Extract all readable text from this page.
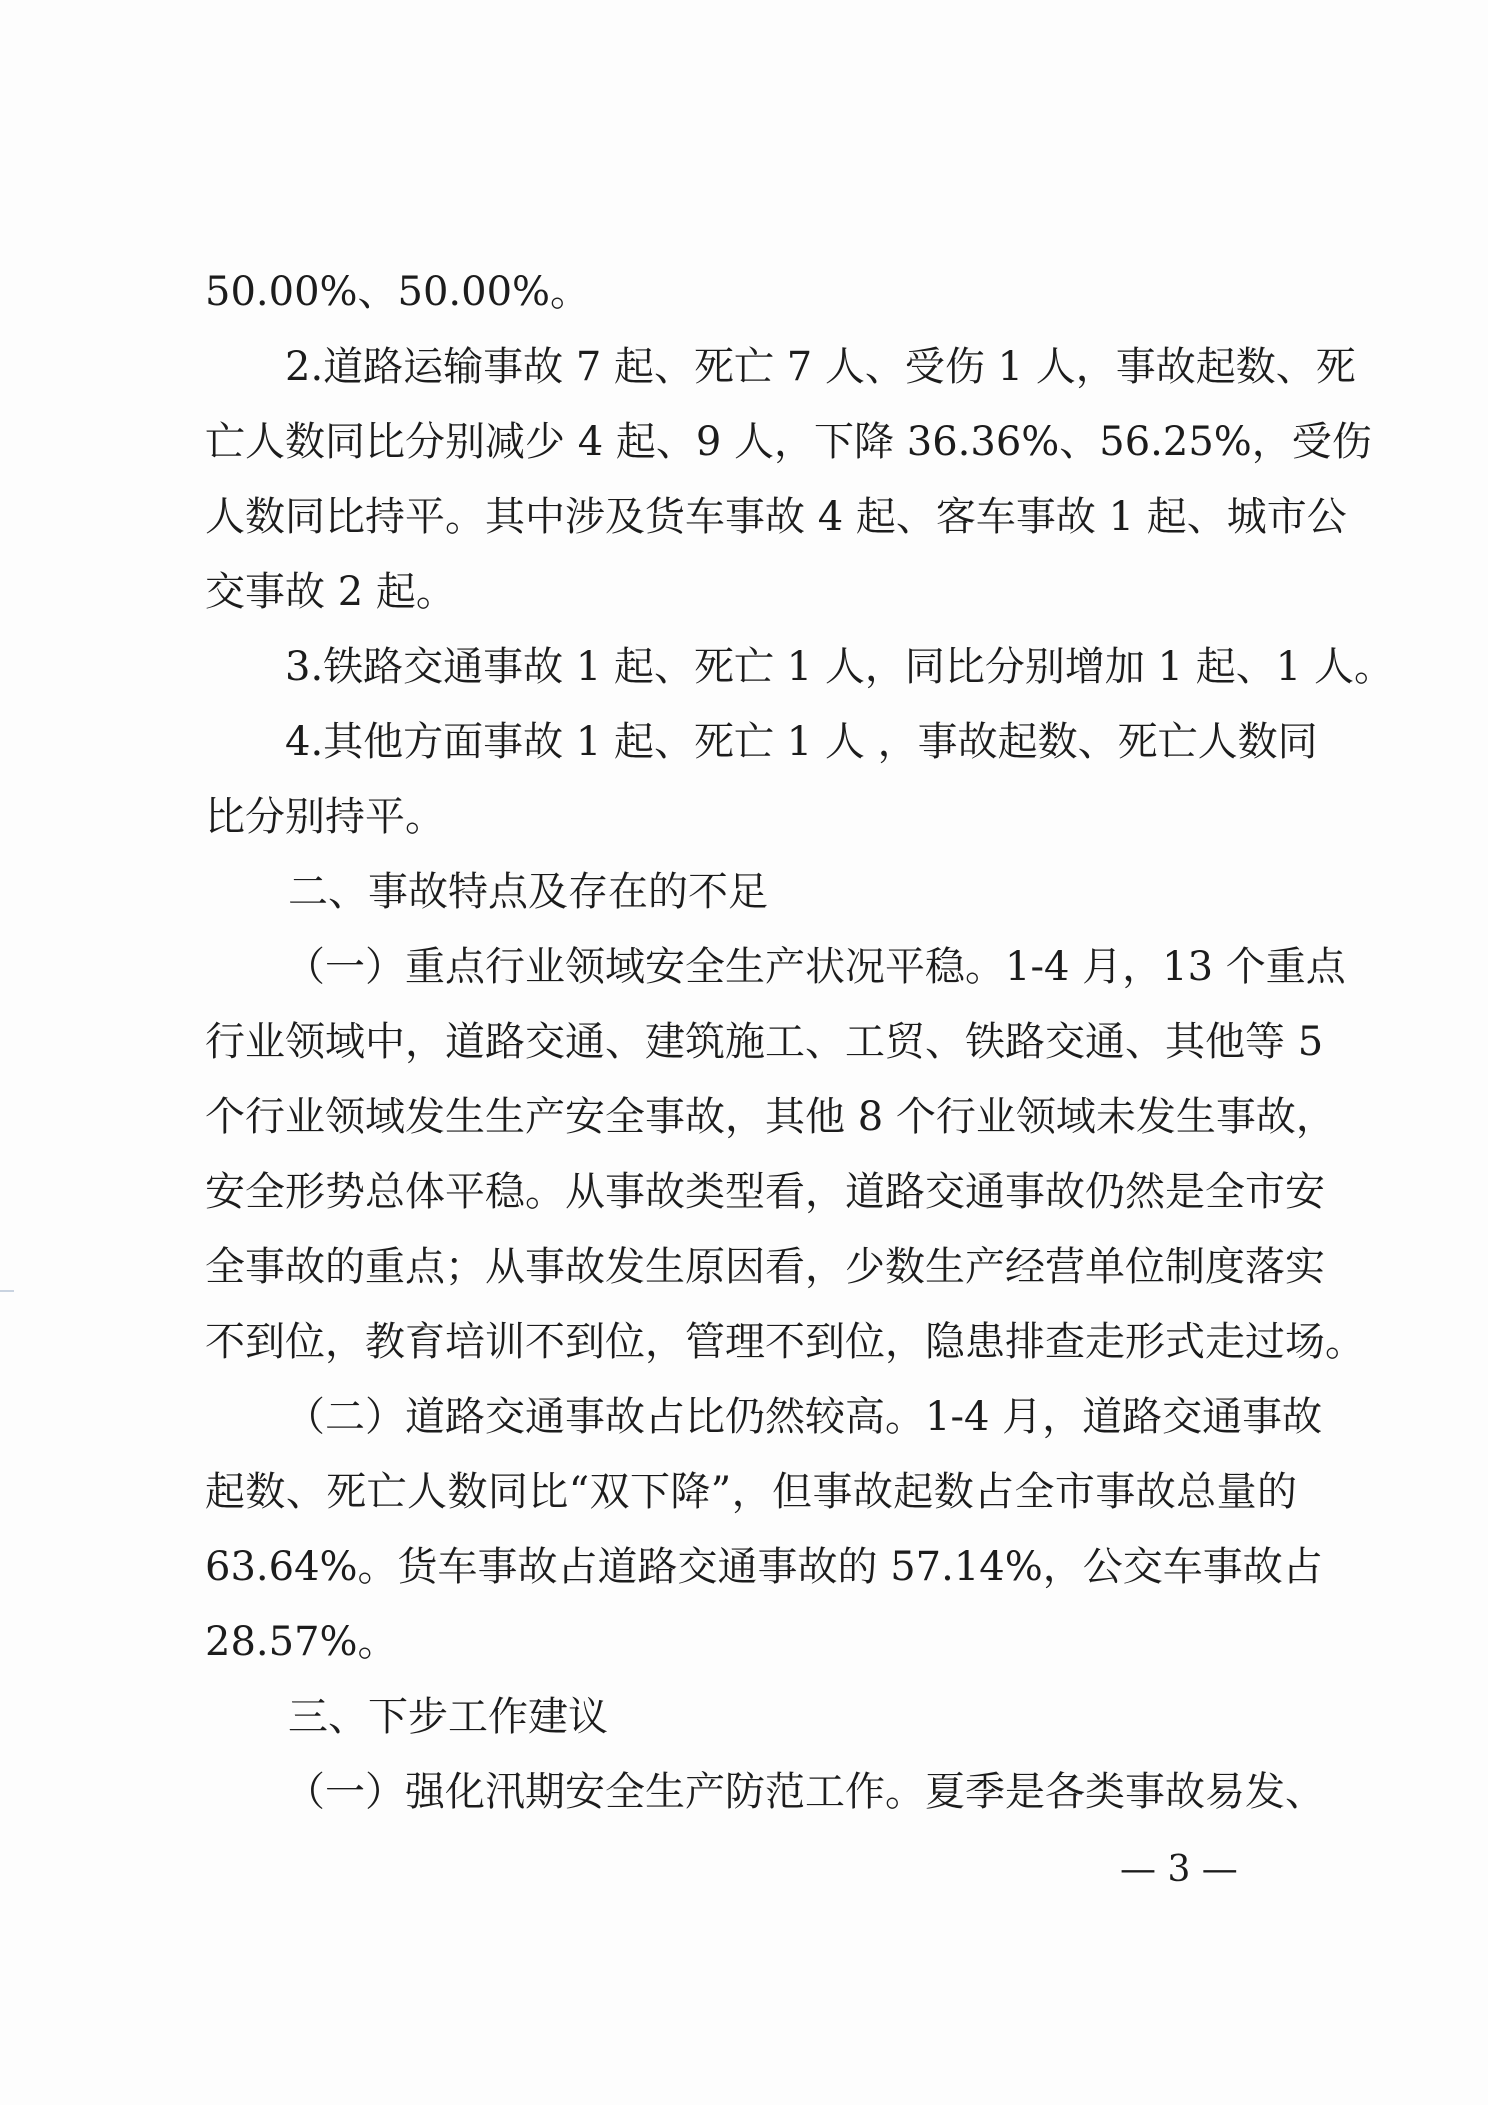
50.00%、50.00%。
2.道路运输事故 7 起、死亡 7 人、受伤 1 人，事故起数、死
亡人数同比分别减少 4 起、9 人，下降 36.36%、56.25%，受伤
人数同比持平。其中涉及货车事故 4 起、客车事故 1 起、城市公
交事故 2 起。
3.铁路交通事故 1 起、死亡 1 人，同比分别增加 1 起、1 人。
4.其他方面事故 1 起、死亡 1 人 ，事故起数、死亡人数同
比分别持平。
二、事故特点及存在的不足
（一）重点行业领域安全生产状况平稳。1-4 月，13 个重点
行业领域中，道路交通、建筑施工、工贸、铁路交通、其他等 5
个行业领域发生生产安全事故，其他 8 个行业领域未发生事故，
安全形势总体平稳。从事故类型看，道路交通事故仍然是全市安
全事故的重点；从事故发生原因看，少数生产经营单位制度落实
不到位，教育培训不到位，管理不到位，隐患排查走形式走过场。
（二）道路交通事故占比仍然较高。1-4 月，道路交通事故
起数、死亡人数同比“双下降”，但事故起数占全市事故总量的
63.64%。货车事故占道路交通事故的 57.14%，公交车事故占
28.57%。
三、下步工作建议
（一）强化汛期安全生产防范工作。夏季是各类事故易发、
— 3 —
